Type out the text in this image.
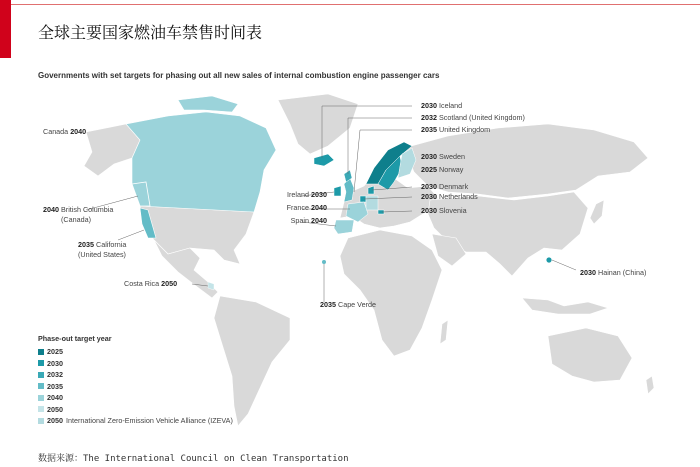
全球主要国家燃油车禁售时间表
Governments with set targets for phasing out all new sales of internal combustion engine passenger cars
Canada 2040
2030 Iceland
2032 Scotland (United Kingdom)
2035 United Kingdom
2030 Sweden
2025 Norway
Ireland 2030
France 2040
Spain 2040
2030 Denmark
2030 Netherlands
2030 Slovenia
2040 British Columbia
(Canada)
2035 California
(United States)
Costa Rica 2050
2035 Cape Verde
2030 Hainan (China)
Phase-out target year
2025
2030
2032
2035
2040
2050
2050 International Zero-Emission Vehicle Alliance (IZEVA)
数据来源：The International Council on Clean Transportation
